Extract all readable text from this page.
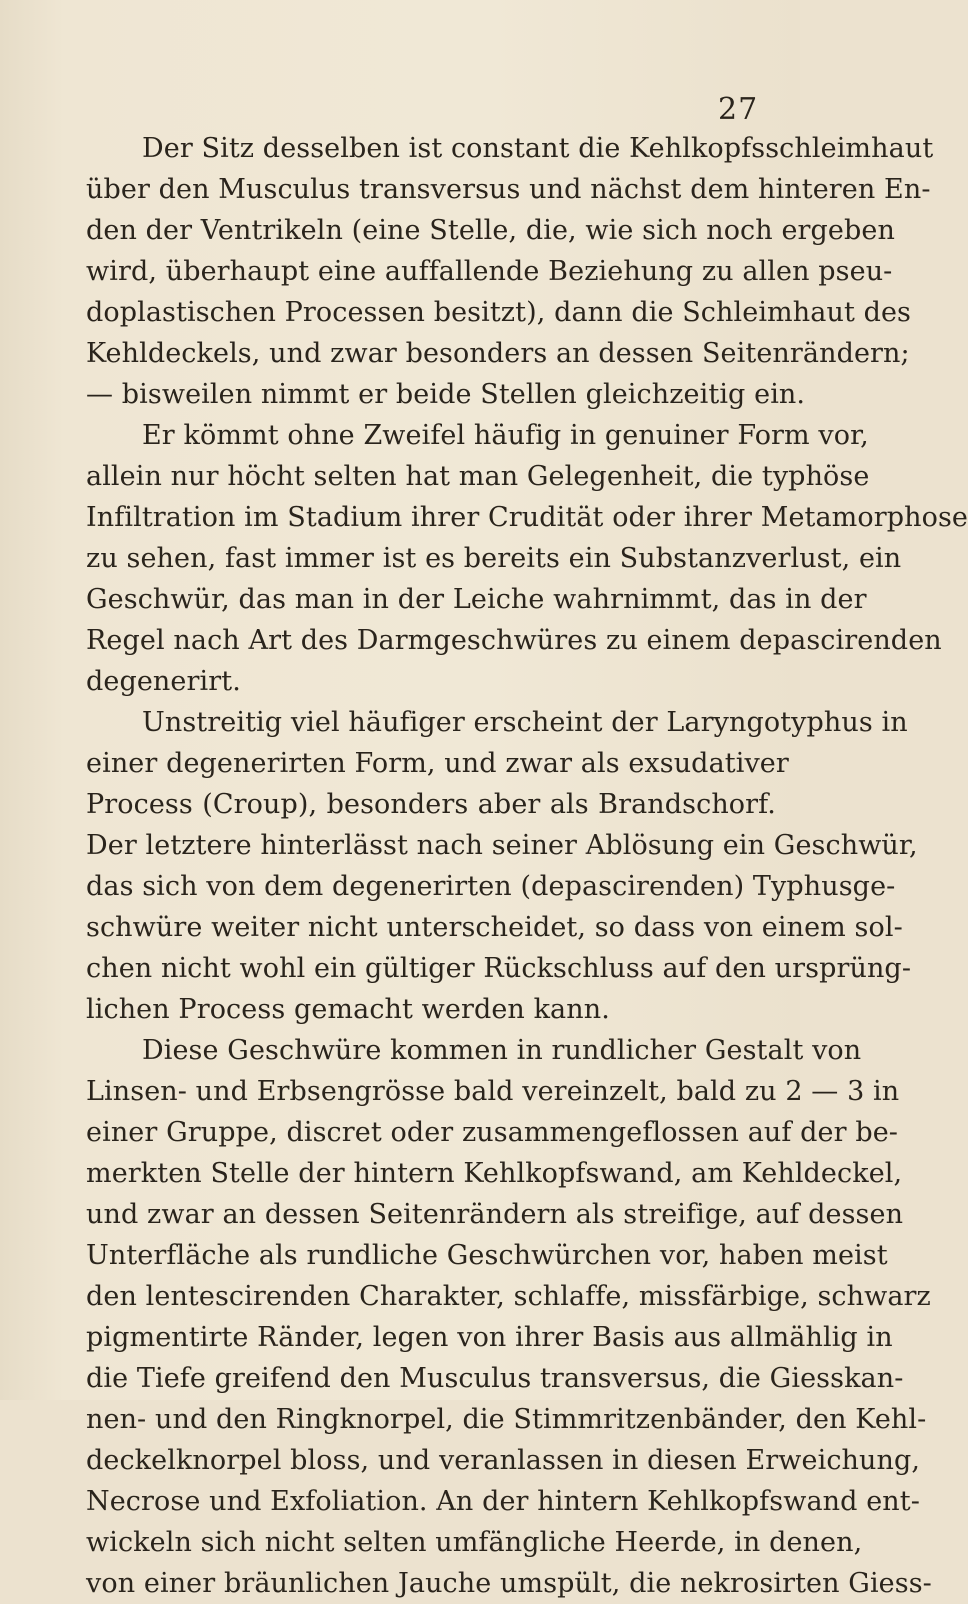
27
Der Sitz desselben ist constant die Kehlkopfsschleimhaut
über den Musculus transversus und nächst dem hinteren En-
den der Ventrikeln (eine Stelle, die, wie sich noch ergeben
wird, überhaupt eine auffallende Beziehung zu allen pseu-
doplastischen Processen besitzt), dann die Schleimhaut des
Kehldeckels, und zwar besonders an dessen Seitenrändern;
— bisweilen nimmt er beide Stellen gleichzeitig ein.
Er kömmt ohne Zweifel häufig in genuiner Form vor,
allein nur höcht selten hat man Gelegenheit, die typhöse
Infiltration im Stadium ihrer Crudität oder ihrer Metamorphose
zu sehen, fast immer ist es bereits ein Substanzverlust, ein
Geschwür, das man in der Leiche wahrnimmt, das in der
Regel nach Art des Darmgeschwüres zu einem depascirenden
degenerirt.
Unstreitig viel häufiger erscheint der Laryngotyphus in
einer degenerirten Form, und zwar als exsudativer
Process (Croup), besonders aber als Brandschorf.
Der letztere hinterlässt nach seiner Ablösung ein Geschwür,
das sich von dem degenerirten (depascirenden) Typhusge-
schwüre weiter nicht unterscheidet, so dass von einem sol-
chen nicht wohl ein gültiger Rückschluss auf den ursprüng-
lichen Process gemacht werden kann.
Diese Geschwüre kommen in rundlicher Gestalt von
Linsen- und Erbsengrösse bald vereinzelt, bald zu 2 — 3 in
einer Gruppe, discret oder zusammengeflossen auf der be-
merkten Stelle der hintern Kehlkopfswand, am Kehldeckel,
und zwar an dessen Seitenrändern als streifige, auf dessen
Unterfläche als rundliche Geschwürchen vor, haben meist
den lentescirenden Charakter, schlaffe, missfärbige, schwarz
pigmentirte Ränder, legen von ihrer Basis aus allmählig in
die Tiefe greifend den Musculus transversus, die Giesskan-
nen- und den Ringknorpel, die Stimmritzenbänder, den Kehl-
deckelknorpel bloss, und veranlassen in diesen Erweichung,
Necrose und Exfoliation. An der hintern Kehlkopfswand ent-
wickeln sich nicht selten umfängliche Heerde, in denen,
von einer bräunlichen Jauche umspült, die nekrosirten Giess-
